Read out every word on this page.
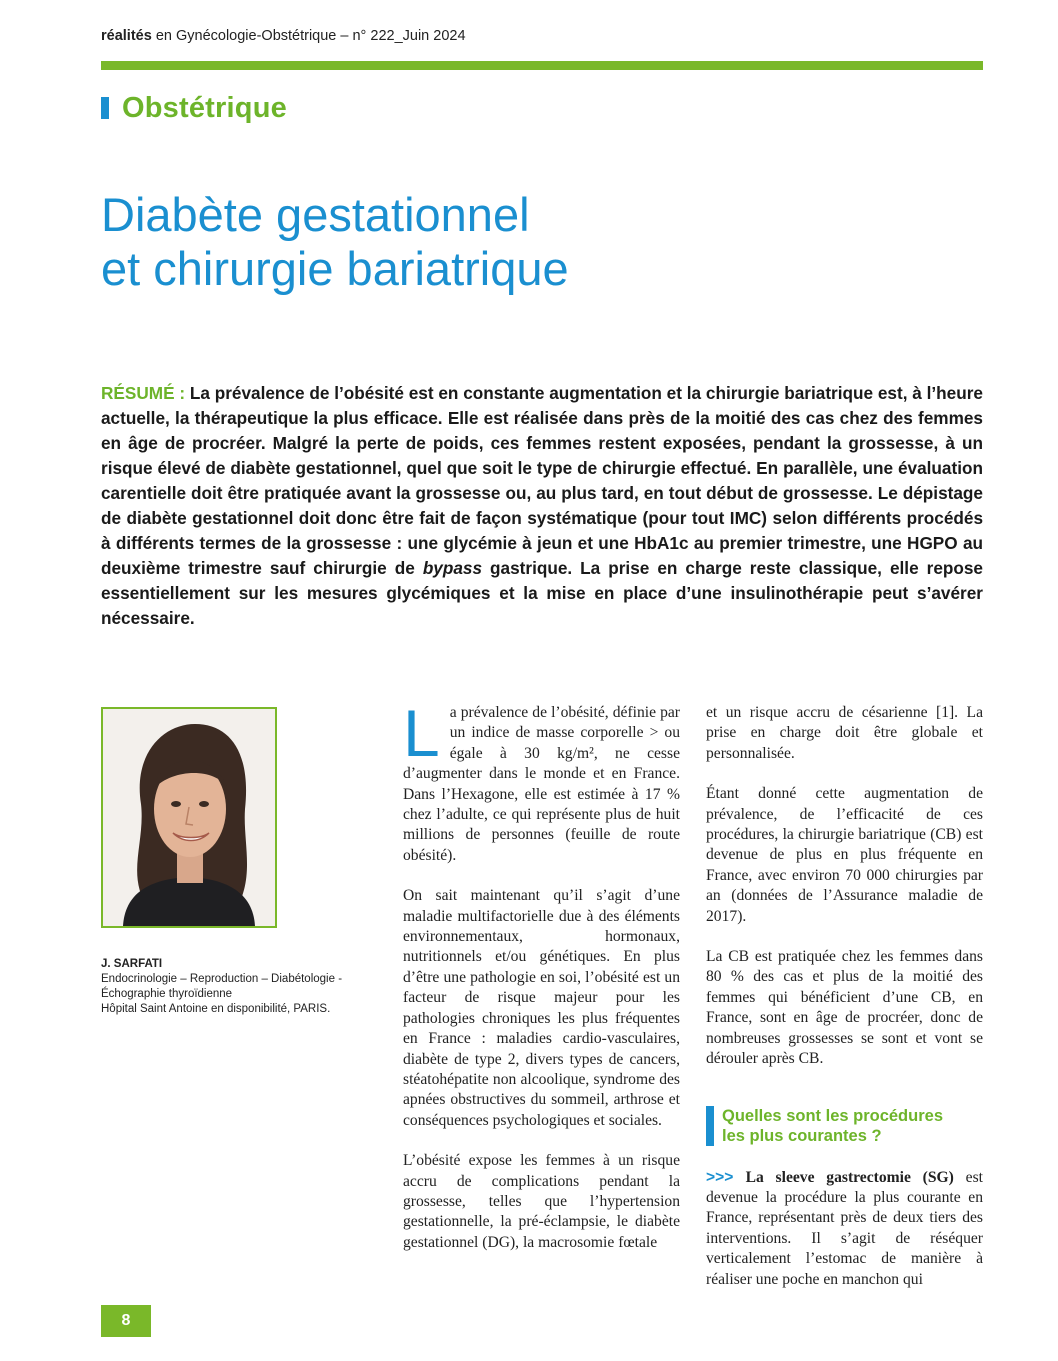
réalités en Gynécologie-Obstétrique – n° 222_Juin 2024
Obstétrique
Diabète gestationnel
et chirurgie bariatrique
RÉSUMÉ : La prévalence de l’obésité est en constante augmentation et la chirurgie bariatrique est, à l’heure actuelle, la thérapeutique la plus efficace. Elle est réalisée dans près de la moitié des cas chez des femmes en âge de procréer. Malgré la perte de poids, ces femmes restent exposées, pendant la grossesse, à un risque élevé de diabète gestationnel, quel que soit le type de chirurgie effectué. En parallèle, une évaluation carentielle doit être pratiquée avant la grossesse ou, au plus tard, en tout début de grossesse. Le dépistage de diabète gestationnel doit donc être fait de façon systématique (pour tout IMC) selon différents procédés à différents termes de la grossesse : une glycémie à jeun et une HbA1c au premier trimestre, une HGPO au deuxième trimestre sauf chirurgie de bypass gastrique. La prise en charge reste classique, elle repose essentiellement sur les mesures glycémiques et la mise en place d’une insulinothérapie peut s’avérer nécessaire.
J. SARFATI
Endocrinologie – Reproduction – Diabétologie - Échographie thyroïdienne
Hôpital Saint Antoine en disponibilité, PARIS.

La prévalence de l’obésité, définie par un indice de masse corporelle > ou égale à 30 kg/m², ne cesse d’augmenter dans le monde et en France. Dans l’Hexagone, elle est estimée à 17 % chez l’adulte, ce qui représente plus de huit millions de personnes (feuille de route obésité).

On sait maintenant qu’il s’agit d’une maladie multifactorielle due à des éléments environnementaux, hormonaux, nutritionnels et/ou génétiques. En plus d’être une pathologie en soi, l’obésité est un facteur de risque majeur pour les pathologies chroniques les plus fréquentes en France : maladies cardio-vasculaires, diabète de type 2, divers types de cancers, stéatohépatite non alcoolique, syndrome des apnées obstructives du sommeil, arthrose et conséquences psychologiques et sociales.

L’obésité expose les femmes à un risque accru de complications pendant la grossesse, telles que l’hypertension gestationnelle, la pré-éclampsie, le diabète gestationnel (DG), la macrosomie fœtale

et un risque accru de césarienne [1]. La prise en charge doit être globale et personnalisée.

Étant donné cette augmentation de prévalence, de l’efficacité de ces procédures, la chirurgie bariatrique (CB) est devenue de plus en plus fréquente en France, avec environ 70 000 chirurgies par an (données de l’Assurance maladie de 2017).

La CB est pratiquée chez les femmes dans 80 % des cas et plus de la moitié des femmes qui bénéficient d’une CB, en France, sont en âge de procréer, donc de nombreuses grossesses se sont et vont se dérouler après CB.

Quelles sont les procédures
les plus courantes ?

>>> La sleeve gastrectomie (SG) est devenue la procédure la plus courante en France, représentant près de deux tiers des interventions. Il s’agit de réséquer verticalement l’estomac de manière à réaliser une poche en manchon qui

8
